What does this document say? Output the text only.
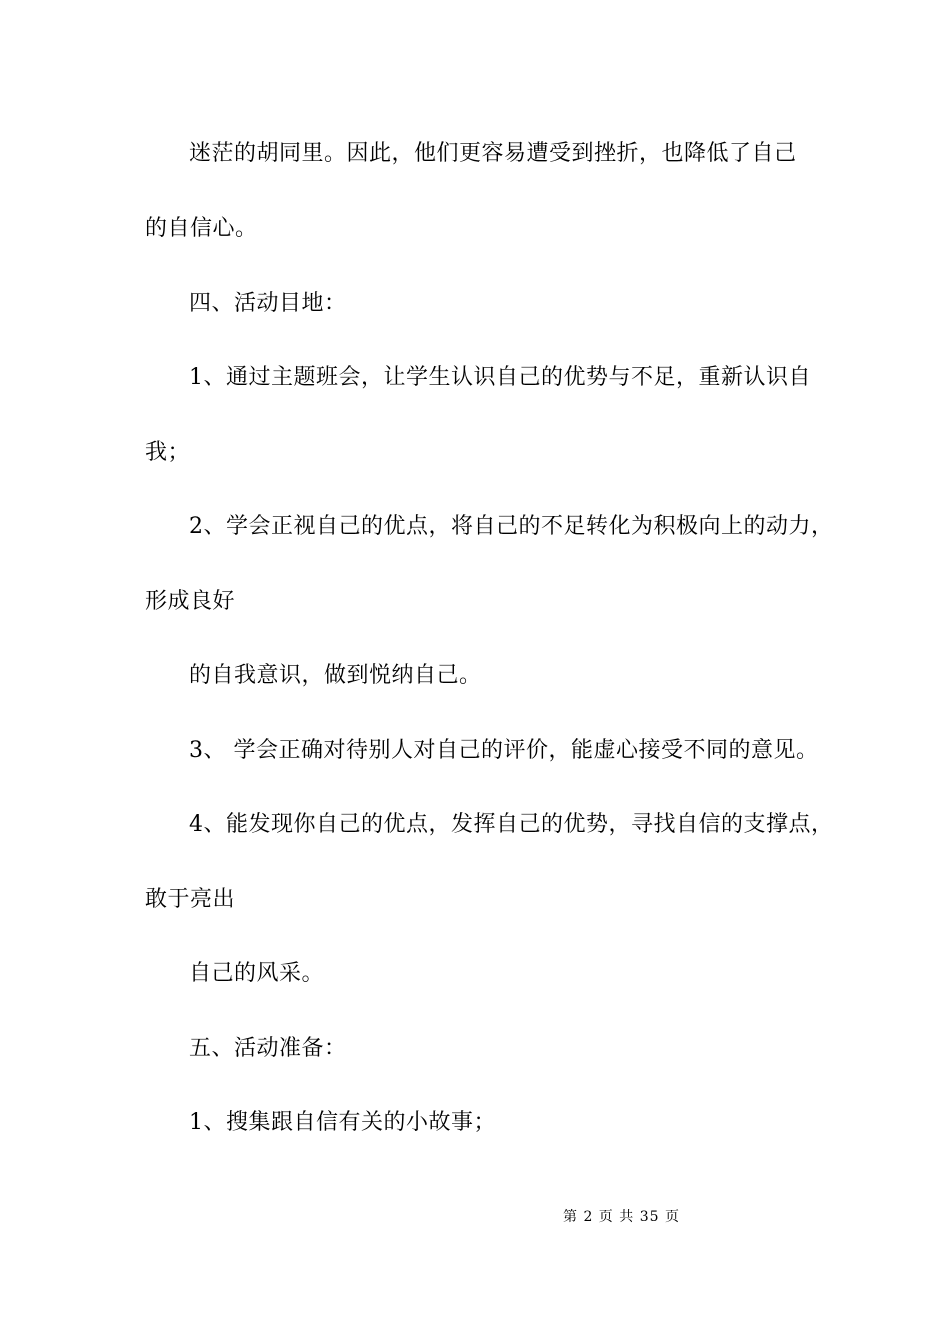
迷茫的胡同里。因此，他们更容易遭受到挫折，也降低了自己
的自信心。
四、活动目地：
1、通过主题班会，让学生认识自己的优势与不足，重新认识自
我；
2、学会正视自己的优点，将自己的不足转化为积极向上的动力，
形成良好
的自我意识，做到悦纳自己。
3、 学会正确对待别人对自己的评价，能虚心接受不同的意见。
4、能发现你自己的优点，发挥自己的优势，寻找自信的支撑点，
敢于亮出
自己的风采。
五、活动准备：
1、搜集跟自信有关的小故事；
第 2 页 共 35 页
